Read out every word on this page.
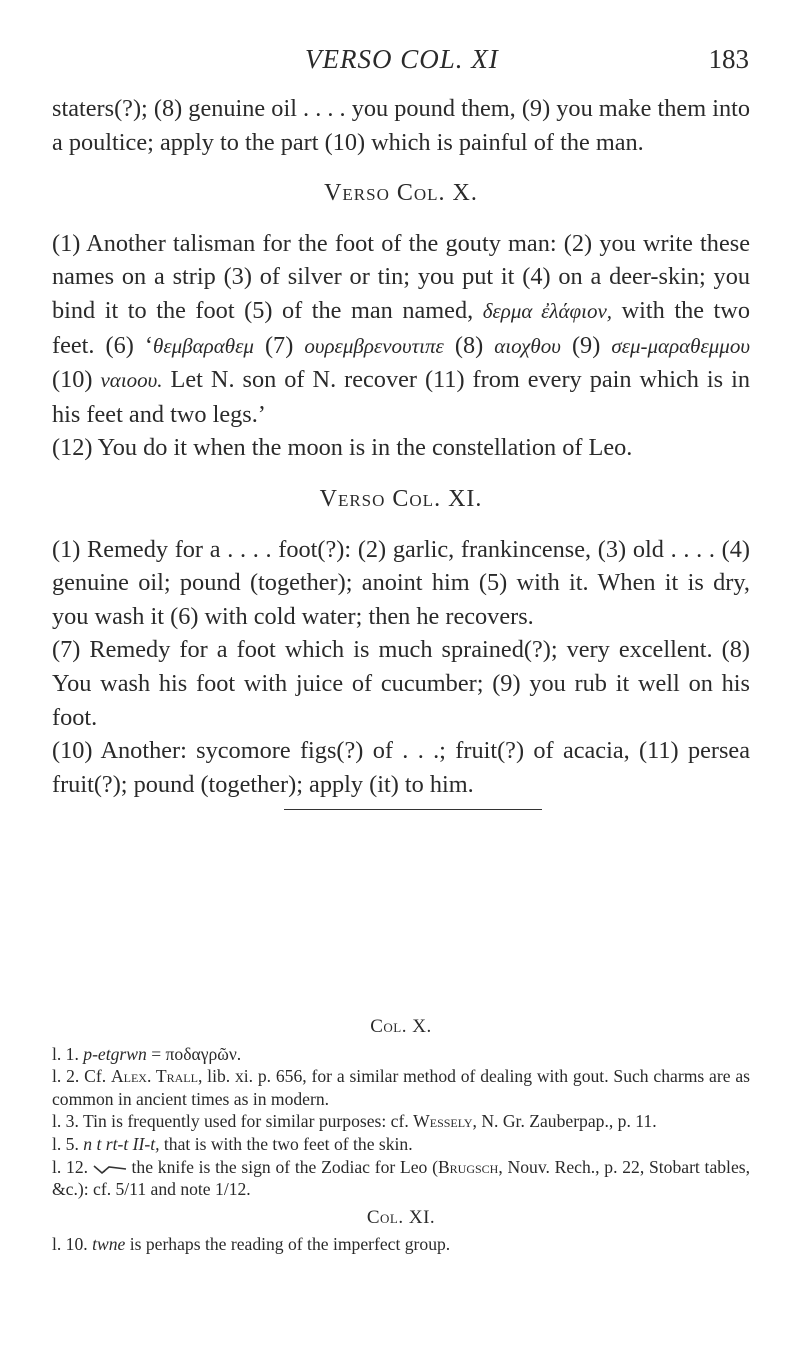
VERSO COL. XI	183

staters(?); (8) genuine oil . . . . you pound them, (9) you make them into a poultice; apply to the part (10) which is painful of the man.

Verso Col. X.

(1) Another talisman for the foot of the gouty man: (2) you write these names on a strip (3) of silver or tin; you put it (4) on a deer-skin; you bind it to the foot (5) of the man named, δερμα ἐλάφιον, with the two feet. (6) ‘θεμβαραθεμ (7) ουρεμβρενουτιπε (8) αιοχθου (9) σεμ-μαραθεμμου (10) ναιοου. Let N. son of N. recover (11) from every pain which is in his feet and two legs.’

(12) You do it when the moon is in the constellation of Leo.

Verso Col. XI.

(1) Remedy for a . . . . foot(?): (2) garlic, frankincense, (3) old . . . . (4) genuine oil; pound (together); anoint him (5) with it. When it is dry, you wash it (6) with cold water; then he recovers.

(7) Remedy for a foot which is much sprained(?); very excellent. (8) You wash his foot with juice of cucumber; (9) you rub it well on his foot.

(10) Another: sycomore figs(?) of . . .; fruit(?) of acacia, (11) persea fruit(?); pound (together); apply (it) to him.

Col. X.

l. 1. p-etgrwn = ποδαγρῶν.

l. 2. Cf. Alex. Trall, lib. xi. p. 656, for a similar method of dealing with gout. Such charms are as common in ancient times as in modern.

l. 3. Tin is frequently used for similar purposes: cf. Wessely, N. Gr. Zauberpap., p. 11.

l. 5. n t rt-t II-t, that is with the two feet of the skin.

l. 12.  the knife is the sign of the Zodiac for Leo (Brugsch, Nouv. Rech., p. 22, Stobart tables, &c.): cf. 5/11 and note 1/12.

Col. XI.

l. 10. twne is perhaps the reading of the imperfect group.
